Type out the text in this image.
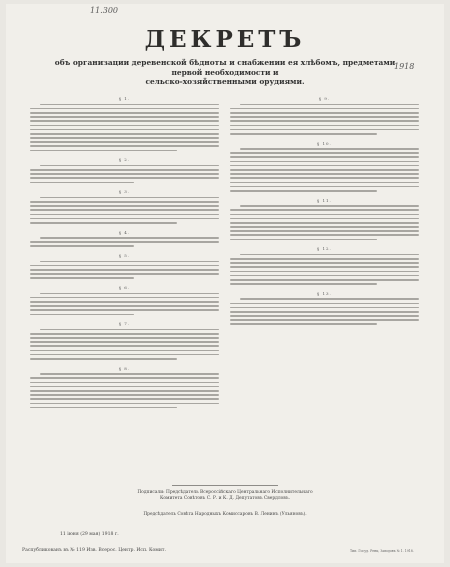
11.300
ДЕКРЕТЪ
объ организации деревенской бѣдноты и снабжении ея хлѣбомъ, предметами первой необходимости и
сельско-хозяйственными орудиями.
1918
§ 1.
§ 2.
§ 3.
§ 4.
§ 5.
§ 6.
§ 7.
§ 8.
§ 9.
§ 10.
§ 11.
§ 12.
§ 13.
Подписали: Предсѣдатель Всероссійскаго Центральнаго Исполнительнаго
Комитета Совѣтовъ С. Р. и К. Д. Депутатовъ Свердловъ.
Предсѣдатель Совѣта Народныхъ Комиссаровъ В. Ленинъ (Ульяновъ).
11 іюня (29 мая) 1918 г.
Распубликованъ въ № 119 Изв. Всерос. Центр. Исп. Комит.	Тип. Госуд. Ренц. Заводовъ № 1. 1918.
